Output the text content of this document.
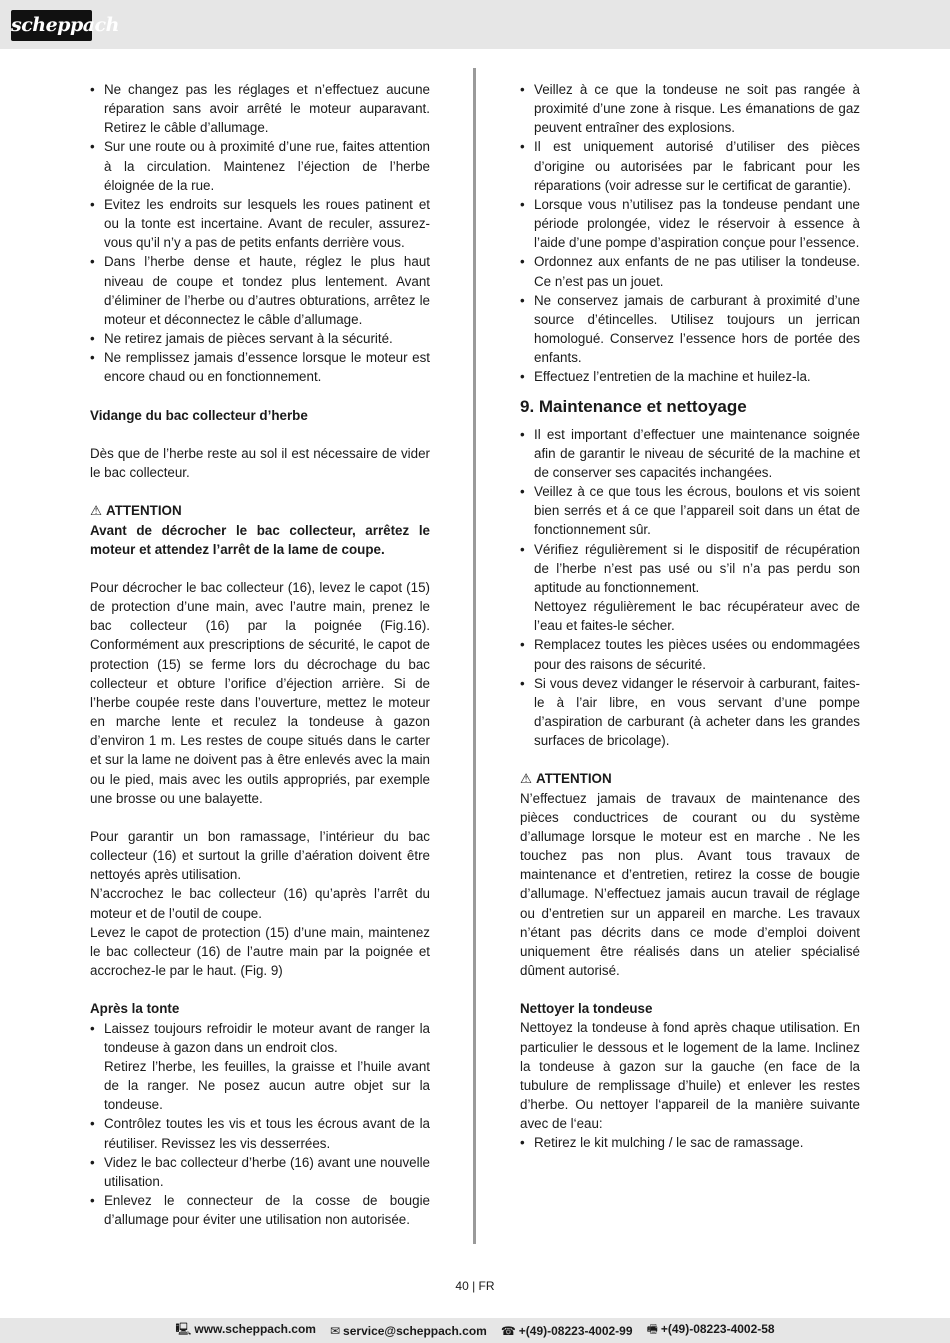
scheppach
• Ne changez pas les réglages et n’effectuez aucune réparation sans avoir arrêté le moteur auparavant. Retirez le câble d’allumage.
• Sur une route ou à proximité d’une rue, faites attention à la circulation. Maintenez l’éjection de l’herbe éloignée de la rue.
• Evitez les endroits sur lesquels les roues patinent et ou la tonte est incertaine. Avant de reculer, assurez-vous qu’il n’y a pas de petits enfants derrière vous.
• Dans l’herbe dense et haute, réglez le plus haut niveau de coupe et tondez plus lentement. Avant d’éliminer de l’herbe ou d’autres obturations, arrêtez le moteur et déconnectez le câble d’allumage.
• Ne retirez jamais de pièces servant à la sécurité.
• Ne remplissez jamais d’essence lorsque le moteur est encore chaud ou en fonctionnement.

Vidange du bac collecteur d’herbe

Dès que de l’herbe reste au sol il est nécessaire de vider le bac collecteur.

⚠ ATTENTION

Avant de décrocher le bac collecteur, arrêtez le moteur et attendez l’arrêt de la lame de coupe.

Pour décrocher le bac collecteur (16), levez le capot (15) de protection d’une main, avec l’autre main, prenez le bac collecteur (16) par la poignée (Fig.16). Conformément aux prescriptions de sécurité, le capot de protection (15) se ferme lors du décrochage du bac collecteur et obture l’orifice d’éjection arrière. Si de l’herbe coupée reste dans l’ouverture, mettez le moteur en marche lente et reculez la tondeuse à gazon d’environ 1 m. Les restes de coupe situés dans le carter et sur la lame ne doivent pas à être enlevés avec la main ou le pied, mais avec les outils appropriés, par exemple une brosse ou une balayette.

Pour garantir un bon ramassage, l’intérieur du bac collecteur (16) et surtout la grille d’aération doivent être nettoyés après utilisation.

N’accrochez le bac collecteur (16) qu’après l’arrêt du moteur et de l’outil de coupe.

Levez le capot de protection (15) d’une main, maintenez le bac collecteur (16) de l’autre main par la poignée et accrochez-le par le haut. (Fig. 9)

Après la tonte

• Laissez toujours refroidir le moteur avant de ranger la tondeuse à gazon dans un endroit clos.
Retirez l’herbe, les feuilles, la graisse et l’huile avant de la ranger. Ne posez aucun autre objet sur la tondeuse.
• Contrôlez toutes les vis et tous les écrous avant de la réutiliser. Revissez les vis desserrées.
• Videz le bac collecteur d’herbe (16) avant une nouvelle utilisation.
• Enlevez le connecteur de la cosse de bougie d’allumage pour éviter une utilisation non autorisée.
• Veillez à ce que la tondeuse ne soit pas rangée à proximité d’une zone à risque. Les émanations de gaz peuvent entraîner des explosions.
• Il est uniquement autorisé d’utiliser des pièces d’origine ou autorisées par le fabricant pour les réparations (voir adresse sur le certificat de garantie).
• Lorsque vous n’utilisez pas la tondeuse pendant une période prolongée, videz le réservoir à essence à l’aide d’une pompe d’aspiration conçue pour l’essence.
• Ordonnez aux enfants de ne pas utiliser la tondeuse. Ce n’est pas un jouet.
• Ne conservez jamais de carburant à proximité d’une source d’étincelles. Utilisez toujours un jerrican homologué. Conservez l’essence hors de portée des enfants.
• Effectuez l’entretien de la machine et huilez-la.

9. Maintenance et nettoyage

• Il est important d’effectuer une maintenance soignée afin de garantir le niveau de sécurité de la machine et de conserver ses capacités inchangées.
• Veillez à ce que tous les écrous, boulons et vis soient bien serrés et á ce que l’appareil soit dans un état de fonctionnement sûr.
• Vérifiez régulièrement si le dispositif de récupération de l’herbe n’est pas usé ou s’il n’a pas perdu son aptitude au fonctionnement.
Nettoyez régulièrement le bac récupérateur avec de l’eau et faites-le sécher.
• Remplacez toutes les pièces usées ou endommagées pour des raisons de sécurité.
• Si vous devez vidanger le réservoir à carburant, faites-le à l’air libre, en vous servant d’une pompe d’aspiration de carburant (à acheter dans les grandes surfaces de bricolage).

⚠ ATTENTION

N’effectuez jamais de travaux de maintenance des pièces conductrices de courant ou du système d’allumage lorsque le moteur est en marche . Ne les touchez pas non plus. Avant tous travaux de maintenance et d’entretien, retirez la cosse de bougie d’allumage. N’effectuez jamais aucun travail de réglage ou d’entretien sur un appareil en marche. Les travaux n’étant pas décrits dans ce mode d’emploi doivent uniquement être réalisés dans un atelier spécialisé dûment autorisé.

Nettoyer la tondeuse

Nettoyez la tondeuse à fond après chaque utilisation. En particulier le dessous et le logement de la lame. Inclinez la tondeuse à gazon sur la gauche (en face de la tubulure de remplissage d’huile) et enlever les restes d’herbe. Ou nettoyer l‘appareil de la manière suivante avec de l‘eau:

• Retirez le kit mulching / le sac de ramassage.
40 | FR
🖳 www.scheppach.com ✉ service@scheppach.com ☎ +(49)-08223-4002-99 🖷 +(49)-08223-4002-58
